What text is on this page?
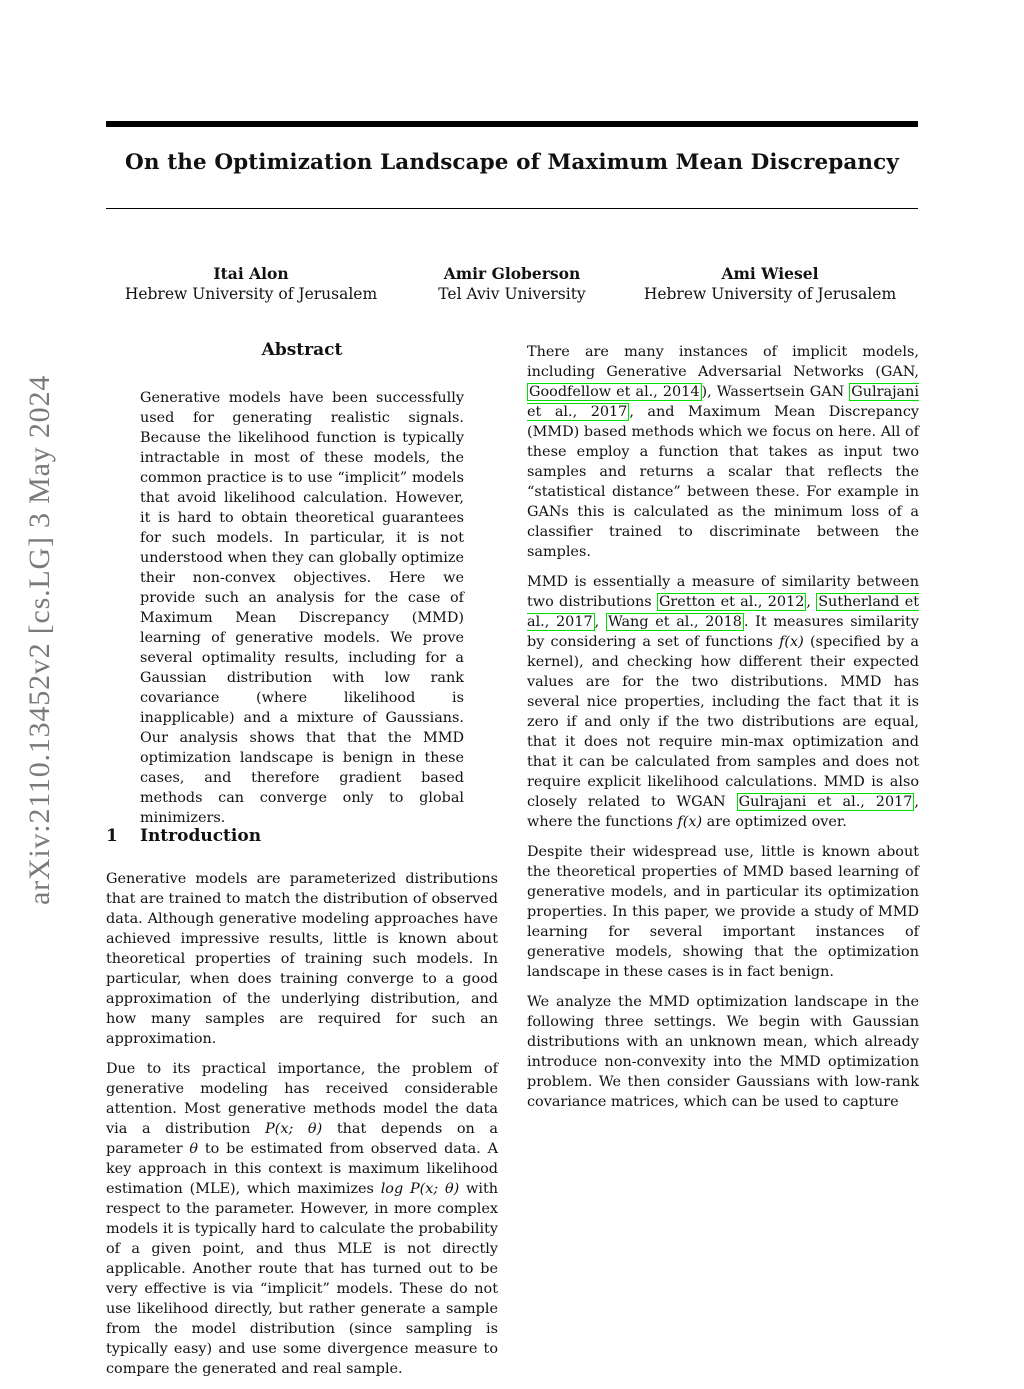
On the Optimization Landscape of Maximum Mean Discrepancy
Itai Alon
Hebrew University of Jerusalem
Amir Globerson
Tel Aviv University
Ami Wiesel
Hebrew University of Jerusalem
arXiv:2110.13452v2 [cs.LG] 3 May 2024
Abstract

Generative models have been successfully used for generating realistic signals. Because the likelihood function is typically intractable in most of these models, the common practice is to use “implicit” models that avoid likelihood calculation. However, it is hard to obtain theoretical guarantees for such models. In particular, it is not understood when they can globally optimize their non-convex objectives. Here we provide such an analysis for the case of Maximum Mean Discrepancy (MMD) learning of generative models. We prove several optimality results, including for a Gaussian distribution with low rank covariance (where likelihood is inapplicable) and a mixture of Gaussians. Our analysis shows that that the MMD optimization landscape is benign in these cases, and therefore gradient based methods can converge only to global minimizers.

1 Introduction

Generative models are parameterized distributions that are trained to match the distribution of observed data. Although generative modeling approaches have achieved impressive results, little is known about theoretical properties of training such models. In particular, when does training converge to a good approximation of the underlying distribution, and how many samples are required for such an approximation.

Due to its practical importance, the problem of generative modeling has received considerable attention. Most generative methods model the data via a distribution P(x; θ) that depends on a parameter θ to be estimated from observed data. A key approach in this context is maximum likelihood estimation (MLE), which maximizes log P(x; θ) with respect to the parameter. However, in more complex models it is typically hard to calculate the probability of a given point, and thus MLE is not directly applicable. Another route that has turned out to be very effective is via “implicit” models. These do not use likelihood directly, but rather generate a sample from the model distribution (since sampling is typically easy) and use some divergence measure to compare the generated and real sample.

There are many instances of implicit models, including Generative Adversarial Networks (GAN, Goodfellow et al., 2014 ), Wassertsein GAN Gulrajani et al., 2017 , and Maximum Mean Discrepancy (MMD) based methods which we focus on here. All of these employ a function that takes as input two samples and returns a scalar that reflects the “statistical distance” between these. For example in GANs this is calculated as the minimum loss of a classifier trained to discriminate between the samples.

MMD is essentially a measure of similarity between two distributions Gretton et al., 2012 , Sutherland et al., 2017 , Wang et al., 2018 . It measures similarity by considering a set of functions f(x) (specified by a kernel), and checking how different their expected values are for the two distributions. MMD has several nice properties, including the fact that it is zero if and only if the two distributions are equal, that it does not require min-max optimization and that it can be calculated from samples and does not require explicit likelihood calculations. MMD is also closely related to WGAN Gulrajani et al., 2017 , where the functions f(x) are optimized over.

Despite their widespread use, little is known about the theoretical properties of MMD based learning of generative models, and in particular its optimization properties. In this paper, we provide a study of MMD learning for several important instances of generative models, showing that the optimization landscape in these cases is in fact benign.

We analyze the MMD optimization landscape in the following three settings. We begin with Gaussian distributions with an unknown mean, which already introduce non-convexity into the MMD optimization problem. We then consider Gaussians with low-rank covariance matrices, which can be used to capture
